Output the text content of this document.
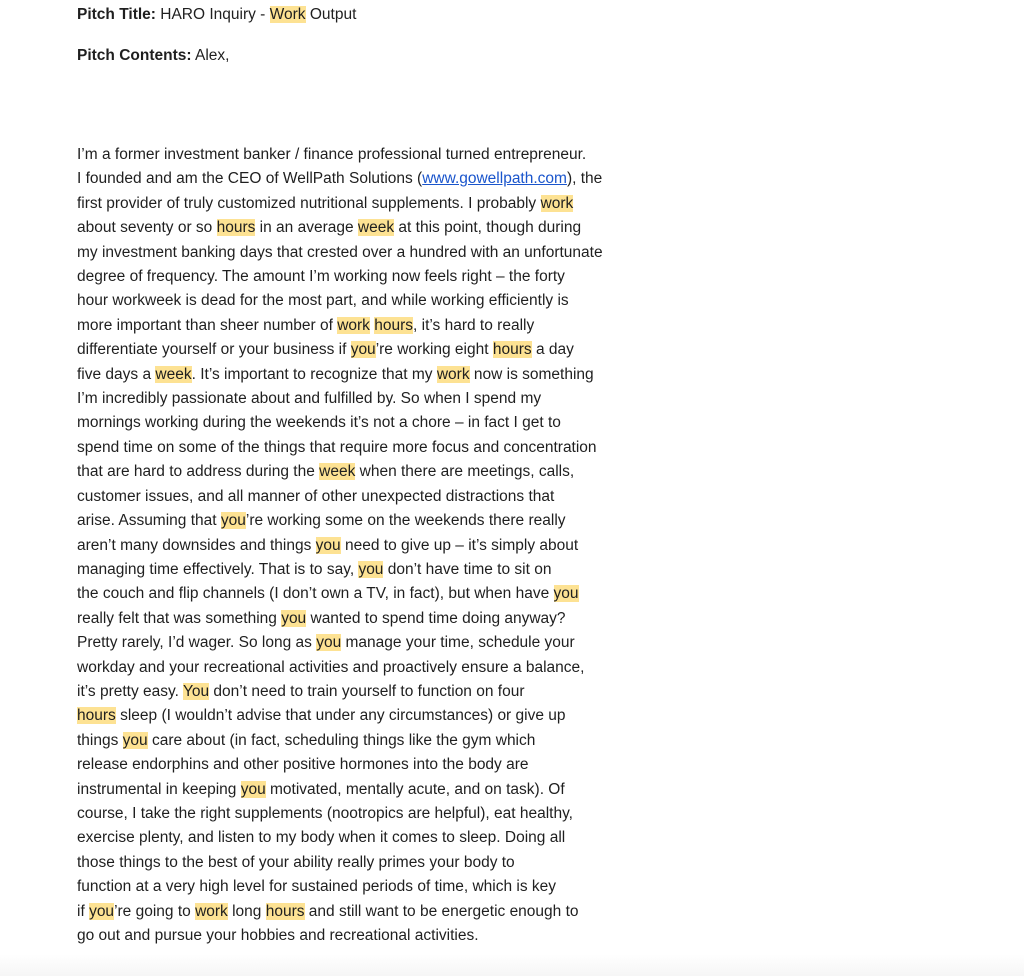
Pitch Title: HARO Inquiry - Work Output
Pitch Contents: Alex,
I’m a former investment banker / finance professional turned entrepreneur.
I founded and am the CEO of WellPath Solutions (www.gowellpath.com), the
first provider of truly customized nutritional supplements. I probably work
about seventy or so hours in an average week at this point, though during
my investment banking days that crested over a hundred with an unfortunate
degree of frequency. The amount I’m working now feels right – the forty
hour workweek is dead for the most part, and while working efficiently is
more important than sheer number of work hours, it’s hard to really
differentiate yourself or your business if you’re working eight hours a day
five days a week. It’s important to recognize that my work now is something
I’m incredibly passionate about and fulfilled by. So when I spend my
mornings working during the weekends it’s not a chore – in fact I get to
spend time on some of the things that require more focus and concentration
that are hard to address during the week when there are meetings, calls,
customer issues, and all manner of other unexpected distractions that
arise. Assuming that you’re working some on the weekends there really
aren’t many downsides and things you need to give up – it’s simply about
managing time effectively. That is to say, you don’t have time to sit on
the couch and flip channels (I don’t own a TV, in fact), but when have you
really felt that was something you wanted to spend time doing anyway?
Pretty rarely, I’d wager. So long as you manage your time, schedule your
workday and your recreational activities and proactively ensure a balance,
it’s pretty easy. You don’t need to train yourself to function on four
hours sleep (I wouldn’t advise that under any circumstances) or give up
things you care about (in fact, scheduling things like the gym which
release endorphins and other positive hormones into the body are
instrumental in keeping you motivated, mentally acute, and on task). Of
course, I take the right supplements (nootropics are helpful), eat healthy,
exercise plenty, and listen to my body when it comes to sleep. Doing all
those things to the best of your ability really primes your body to
function at a very high level for sustained periods of time, which is key
if you’re going to work long hours and still want to be energetic enough to
go out and pursue your hobbies and recreational activities.
